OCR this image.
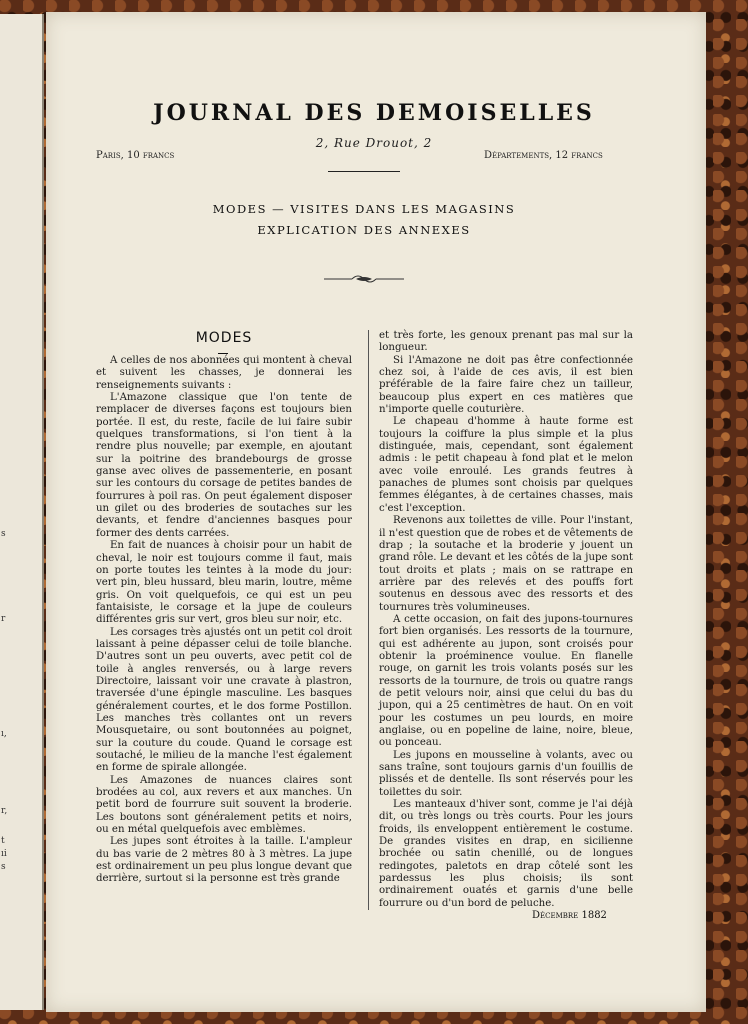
s
r
t
ıi
s
r,
ı,
JOURNAL DES DEMOISELLES
2, Rue Drouot, 2
Paris, 10 francs	Départements, 12 francs
MODES — VISITES DANS LES MAGASINS
EXPLICATION DES ANNEXES
MODES

A celles de nos abonnées qui montent à cheval et suivent les chasses, je donnerai les renseignements suivants :

L'Amazone classique que l'on tente de remplacer de diverses façons est toujours bien portée. Il est, du reste, facile de lui faire subir quelques transformations, si l'on tient à la rendre plus nouvelle; par exemple, en ajoutant sur la poitrine des brandebourgs de grosse ganse avec olives de passementerie, en posant sur les contours du corsage de petites bandes de fourrures à poil ras. On peut également disposer un gilet ou des broderies de soutaches sur les devants, et fendre d'anciennes basques pour former des dents carrées.

En fait de nuances à choisir pour un habit de cheval, le noir est toujours comme il faut, mais on porte toutes les teintes à la mode du jour: vert pin, bleu hussard, bleu marin, loutre, même gris. On voit quelquefois, ce qui est un peu fantaisiste, le corsage et la jupe de couleurs différentes gris sur vert, gros bleu sur noir, etc.

Les corsages très ajustés ont un petit col droit laissant à peine dépasser celui de toile blanche. D'autres sont un peu ouverts, avec petit col de toile à angles renversés, ou à large revers Directoire, laissant voir une cravate à plastron, traversée d'une épingle masculine. Les basques généralement courtes, et le dos forme Postillon. Les manches très collantes ont un revers Mousquetaire, ou sont boutonnées au poignet, sur la couture du coude. Quand le corsage est soutaché, le milieu de la manche l'est également en forme de spirale allongée.

Les Amazones de nuances claires sont brodées au col, aux revers et aux manches. Un petit bord de fourrure suit souvent la broderie. Les boutons sont généralement petits et noirs, ou en métal quelquefois avec emblèmes.

Les jupes sont étroites à la taille. L'ampleur du bas varie de 2 mètres 80 à 3 mètres. La jupe est ordinairement un peu plus longue devant que derrière, surtout si la personne est très grande

et très forte, les genoux prenant pas mal sur la longueur.

Si l'Amazone ne doit pas être confectionnée chez soi, à l'aide de ces avis, il est bien préférable de la faire faire chez un tailleur, beaucoup plus expert en ces matières que n'importe quelle couturière.

Le chapeau d'homme à haute forme est toujours la coiffure la plus simple et la plus distinguée, mais, cependant, sont également admis : le petit chapeau à fond plat et le melon avec voile enroulé. Les grands feutres à panaches de plumes sont choisis par quelques femmes élégantes, à de certaines chasses, mais c'est l'exception.

Revenons aux toilettes de ville. Pour l'instant, il n'est question que de robes et de vêtements de drap ; la soutache et la broderie y jouent un grand rôle. Le devant et les côtés de la jupe sont tout droits et plats ; mais on se rattrape en arrière par des relevés et des pouffs fort soutenus en dessous avec des ressorts et des tournures très volumineuses.

A cette occasion, on fait des jupons-tournures fort bien organisés. Les ressorts de la tournure, qui est adhérente au jupon, sont croisés pour obtenir la proéminence voulue. En flanelle rouge, on garnit les trois volants posés sur les ressorts de la tournure, de trois ou quatre rangs de petit velours noir, ainsi que celui du bas du jupon, qui a 25 centimètres de haut. On en voit pour les costumes un peu lourds, en moire anglaise, ou en popeline de laine, noire, bleue, ou ponceau.

Les jupons en mousseline à volants, avec ou sans traîne, sont toujours garnis d'un fouillis de plissés et de dentelle. Ils sont réservés pour les toilettes du soir.

Les manteaux d'hiver sont, comme je l'ai déjà dit, ou très longs ou très courts. Pour les jours froids, ils enveloppent entièrement le costume. De grandes visites en drap, en sicilienne brochée ou satin chenillé, ou de longues redingotes, paletots en drap côtelé sont les pardessus les plus choisis; ils sont ordinairement ouatés et garnis d'une belle fourrure ou d'un bord de peluche.

Décembre 1882
